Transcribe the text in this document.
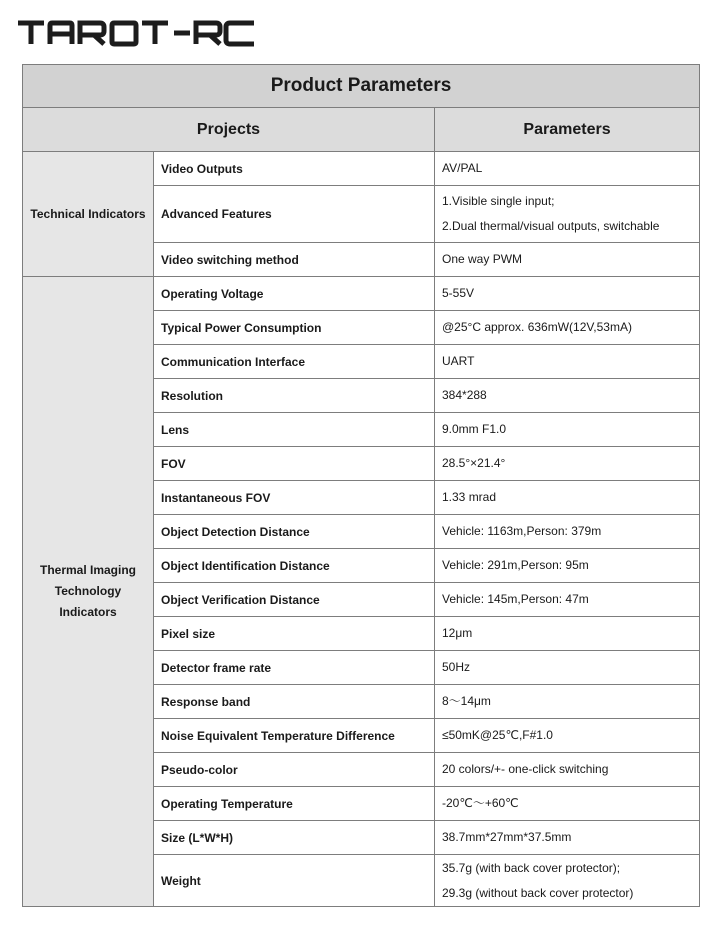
Product Parameters		
Projects		Parameters
Technical Indicators	Video Outputs	AV/PAL

	Advanced Features	1.Visible single input;
2.Dual thermal/visual outputs, switchable

	Video switching method	One way PWM

Thermal Imaging Technology Indicators	Operating Voltage	5-55V

	Typical Power Consumption	@25°C approx. 636mW(12V,53mA)

	Communication Interface	UART

	Resolution	384*288

	Lens	9.0mm F1.0

	FOV	28.5°×21.4°

	Instantaneous FOV	1.33 mrad

	Object Detection Distance	Vehicle: 1163m,Person: 379m

	Object Identification Distance	Vehicle: 291m,Person: 95m

	Object Verification Distance	Vehicle: 145m,Person: 47m

	Pixel size	12μm

	Detector frame rate	50Hz

	Response band	8～14μm

	Noise Equivalent Temperature Difference	≤50mK@25℃,F#1.0

	Pseudo-color	20 colors/+- one-click switching

	Operating Temperature	-20℃～+60℃

	Size (L*W*H)	38.7mm*27mm*37.5mm

	Weight	35.7g (with back cover protector);
29.3g (without back cover protector)
